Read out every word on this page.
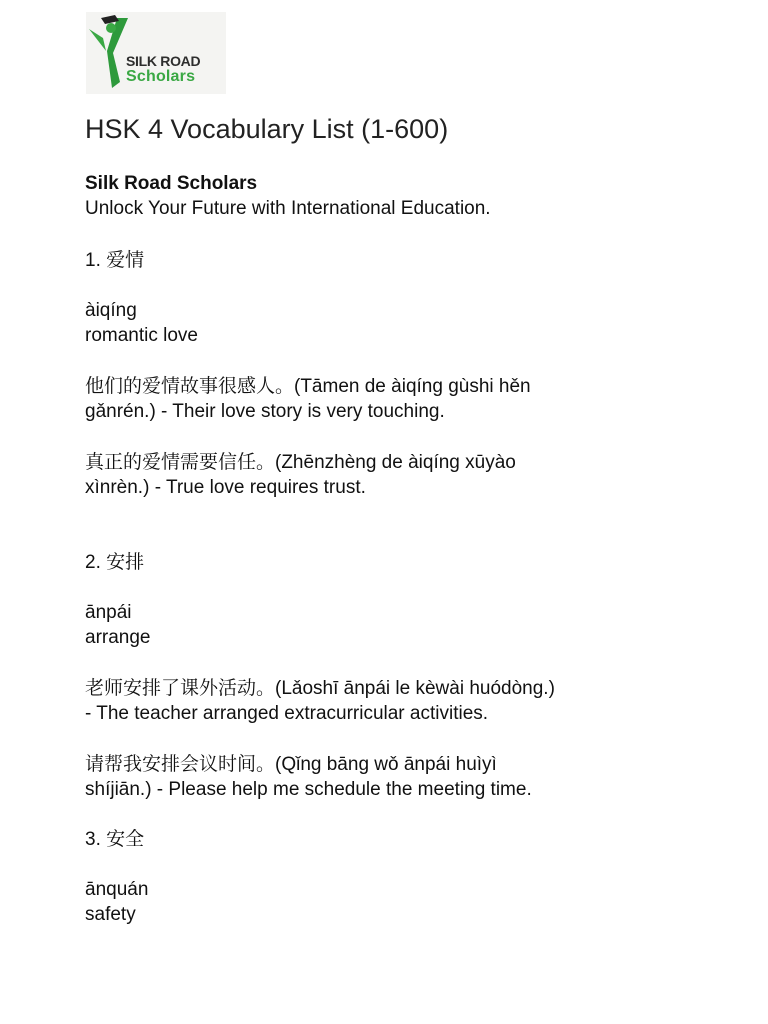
SILK ROAD
Scholars
HSK 4 Vocabulary List (1-600)
Silk Road Scholars
Unlock Your Future with International Education.
1. 爱情
àiqíng
romantic love
他们的爱情故事很感人。(Tāmen de àiqíng gùshi hěn
gǎnrén.) - Their love story is very touching.
真正的爱情需要信任。(Zhēnzhèng de àiqíng xūyào
xìnrèn.) - True love requires trust.
2. 安排
ānpái
arrange
老师安排了课外活动。(Lǎoshī ānpái le kèwài huódòng.)
- The teacher arranged extracurricular activities.
请帮我安排会议时间。(Qǐng bāng wǒ ānpái huìyì
shíjiān.) - Please help me schedule the meeting time.
3. 安全
ānquán
safety
